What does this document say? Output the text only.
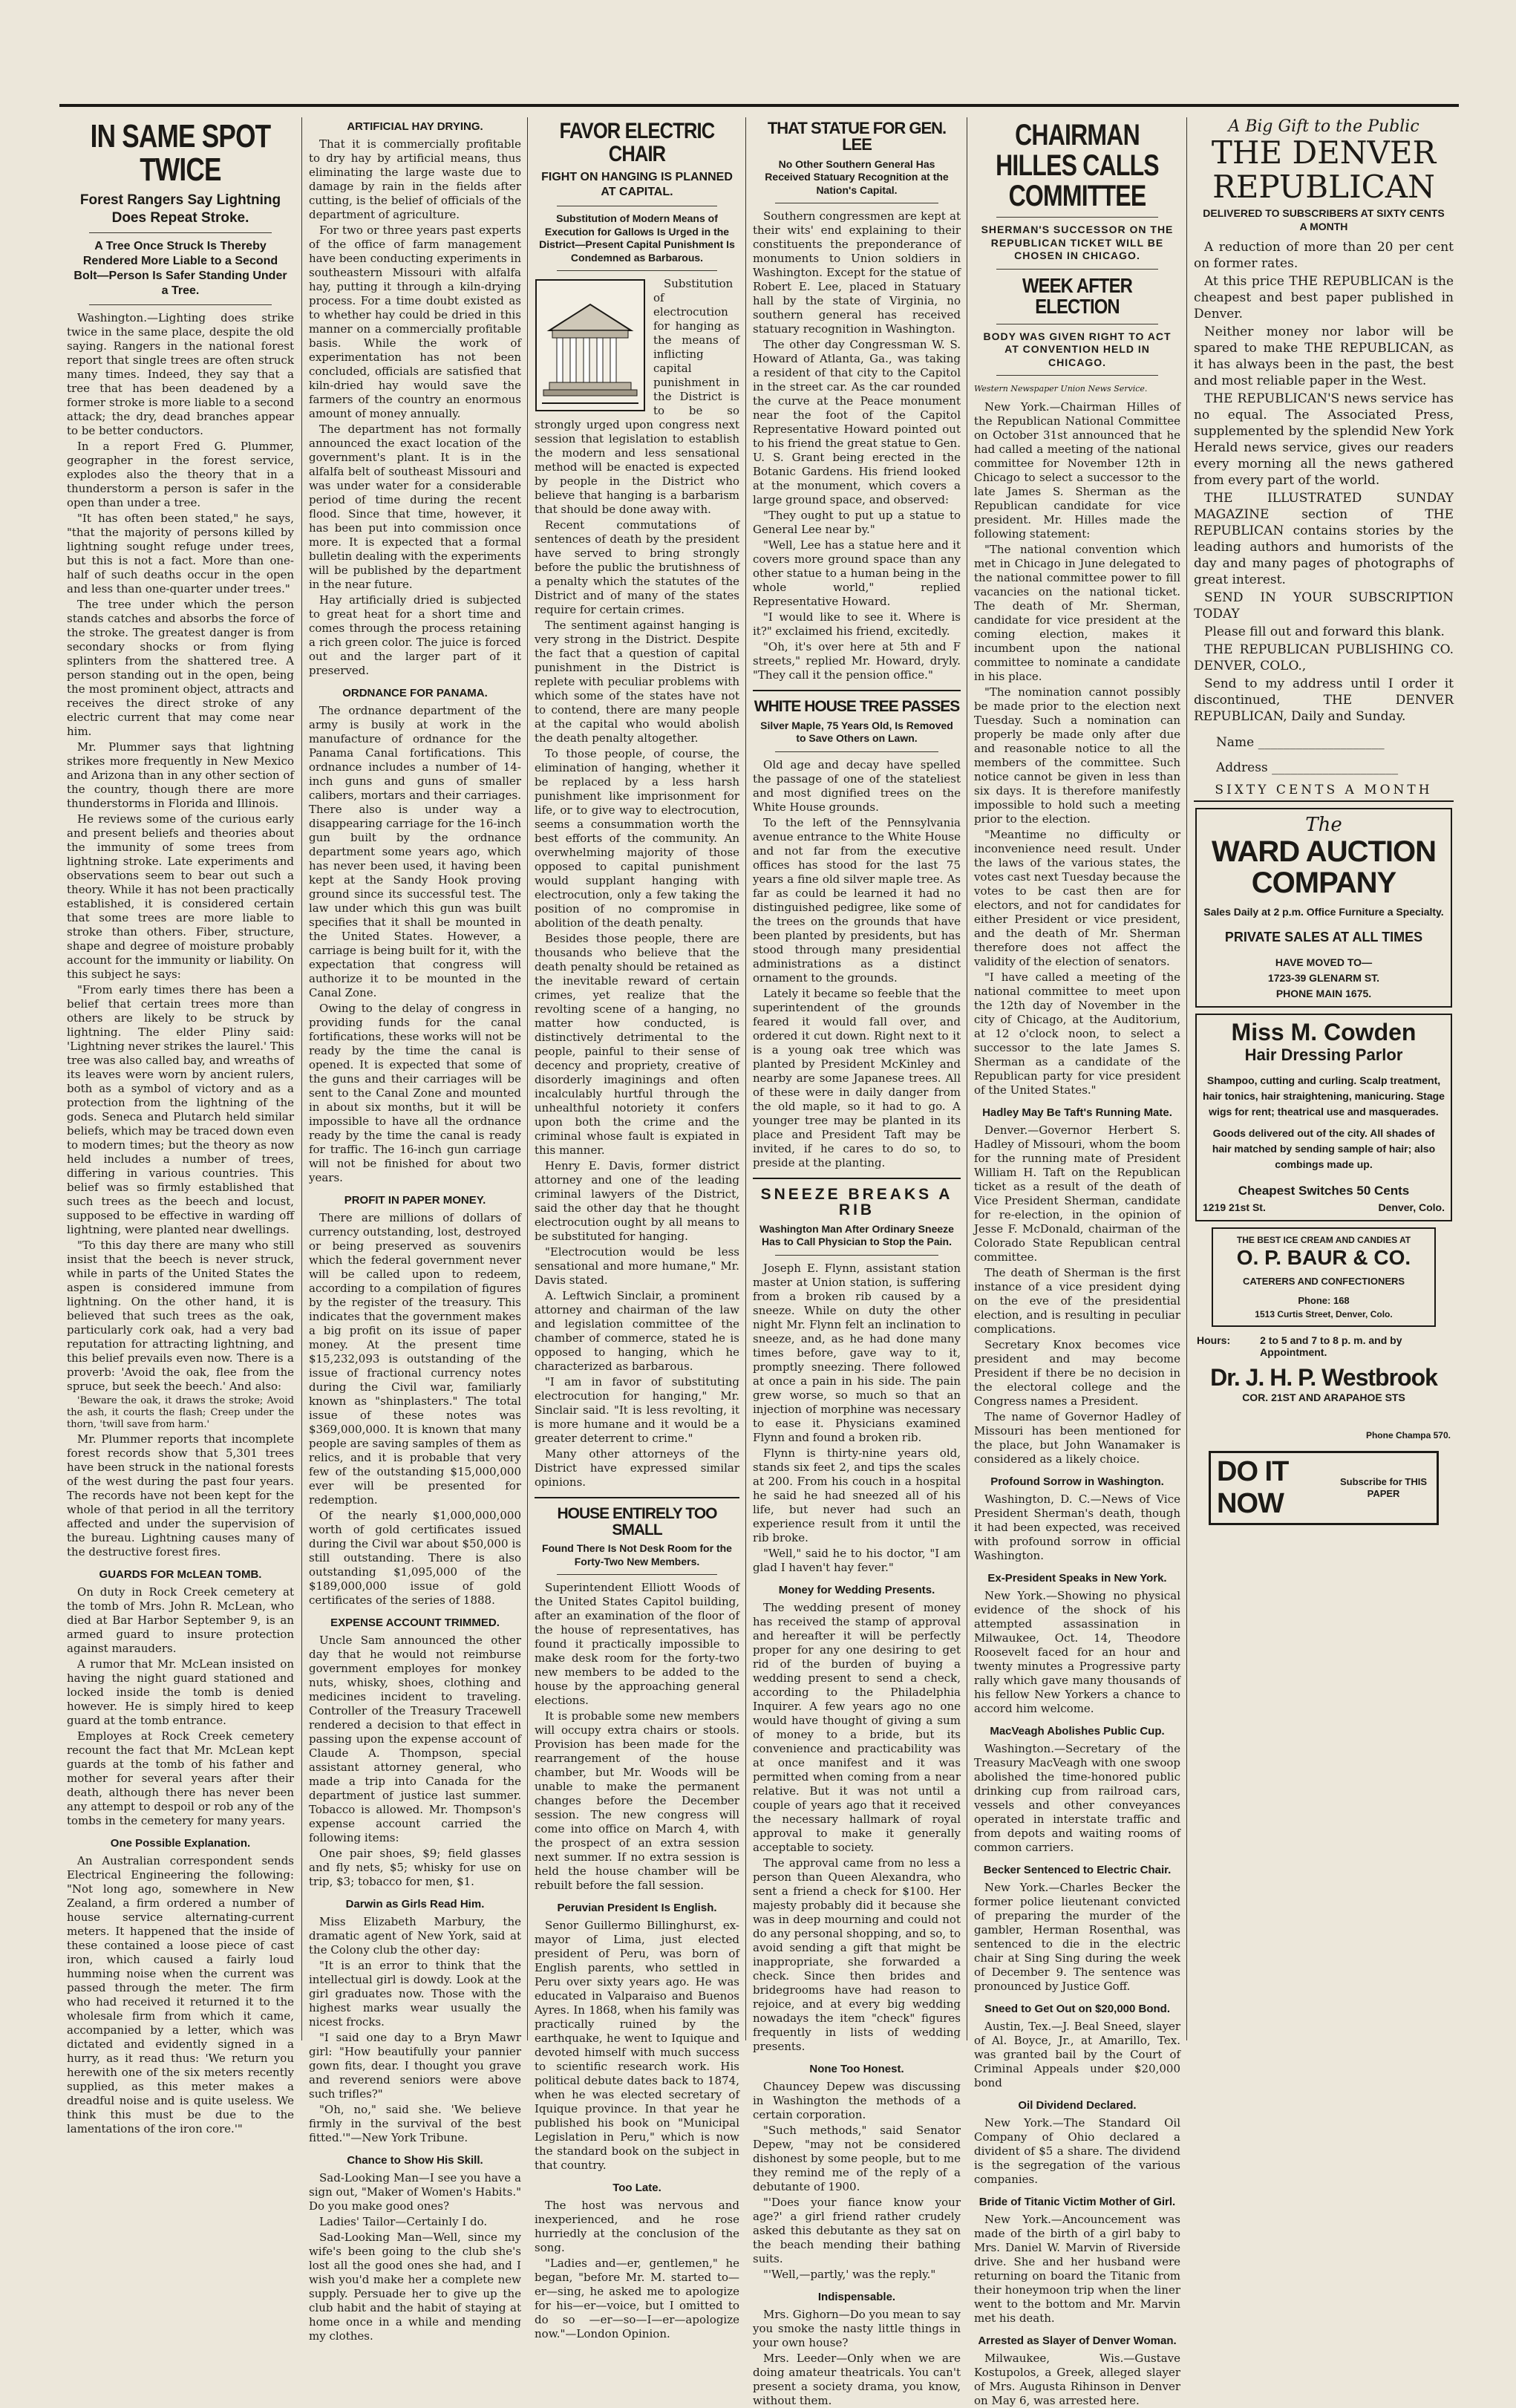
IN SAME SPOT TWICE
Forest Rangers Say Lightning Does Repeat Stroke.
A Tree Once Struck Is Thereby Rendered More Liable to a Second Bolt—Person Is Safer Standing Under a Tree.

Washington.—Lighting does strike twice in the same place, despite the old saying. Rangers in the national forest report that single trees are often struck many times. Indeed, they say that a tree that has been deadened by a former stroke is more liable to a second attack; the dry, dead branches appear to be better conductors.

In a report Fred G. Plummer, geographer in the forest service, explodes also the theory that in a thunderstorm a person is safer in the open than under a tree.

"It has often been stated," he says, "that the majority of persons killed by lightning sought refuge under trees, but this is not a fact. More than one-half of such deaths occur in the open and less than one-quarter under trees."

The tree under which the person stands catches and absorbs the force of the stroke. The greatest danger is from secondary shocks or from flying splinters from the shattered tree. A person standing out in the open, being the most prominent object, attracts and receives the direct stroke of any electric current that may come near him.

Mr. Plummer says that lightning strikes more frequently in New Mexico and Arizona than in any other section of the country, though there are more thunderstorms in Florida and Illinois.

He reviews some of the curious early and present beliefs and theories about the immunity of some trees from lightning stroke. Late experiments and observations seem to bear out such a theory. While it has not been practically established, it is considered certain that some trees are more liable to stroke than others. Fiber, structure, shape and degree of moisture probably account for the immunity or liability. On this subject he says:

"From early times there has been a belief that certain trees more than others are likely to be struck by lightning. The elder Pliny said: 'Lightning never strikes the laurel.' This tree was also called bay, and wreaths of its leaves were worn by ancient rulers, both as a symbol of victory and as a protection from the lightning of the gods. Seneca and Plutarch held similar beliefs, which may be traced down even to modern times; but the theory as now held includes a number of trees, differing in various countries. This belief was so firmly established that such trees as the beech and locust, supposed to be effective in warding off lightning, were planted near dwellings.

"To this day there are many who still insist that the beech is never struck, while in parts of the United States the aspen is considered immune from lightning. On the other hand, it is believed that such trees as the oak, particularly cork oak, had a very bad reputation for attracting lightning, and this belief prevails even now. There is a proverb: 'Avoid the oak, flee from the spruce, but seek the beech.' And also:

'Beware the oak, it draws the stroke; Avoid the ash, it courts the flash; Creep under the thorn, 'twill save from harm.'

Mr. Plummer reports that incomplete forest records show that 5,301 trees have been struck in the national forests of the west during the past four years. The records have not been kept for the whole of that period in all the territory affected and under the supervision of the bureau. Lightning causes many of the destructive forest fires.

GUARDS FOR McLEAN TOMB.

On duty in Rock Creek cemetery at the tomb of Mrs. John R. McLean, who died at Bar Harbor September 9, is an armed guard to insure protection against marauders.

A rumor that Mr. McLean insisted on having the night guard stationed and locked inside the tomb is denied however. He is simply hired to keep guard at the tomb entrance.

Employes at Rock Creek cemetery recount the fact that Mr. McLean kept guards at the tomb of his father and mother for several years after their death, although there has never been any attempt to despoil or rob any of the tombs in the cemetery for many years.

One Possible Explanation.

An Australian correspondent sends Electrical Engineering the following: "Not long ago, somewhere in New Zealand, a firm ordered a number of house service alternating-current meters. It happened that the inside of these contained a loose piece of cast iron, which caused a fairly loud humming noise when the current was passed through the meter. The firm who had received it returned it to the wholesale firm from which it came, accompanied by a letter, which was dictated and evidently signed in a hurry, as it read thus: 'We return you herewith one of the six meters recently supplied, as this meter makes a dreadful noise and is quite useless. We think this must be due to the lamentations of the iron core.'"

ARTIFICIAL HAY DRYING.

That it is commercially profitable to dry hay by artificial means, thus eliminating the large waste due to damage by rain in the fields after cutting, is the belief of officials of the department of agriculture.

For two or three years past experts of the office of farm management have been conducting experiments in southeastern Missouri with alfalfa hay, putting it through a kiln-drying process. For a time doubt existed as to whether hay could be dried in this manner on a commercially profitable basis. While the work of experimentation has not been concluded, officials are satisfied that kiln-dried hay would save the farmers of the country an enormous amount of money annually.

The department has not formally announced the exact location of the government's plant. It is in the alfalfa belt of southeast Missouri and was under water for a considerable period of time during the recent flood. Since that time, however, it has been put into commission once more. It is expected that a formal bulletin dealing with the experiments will be published by the department in the near future.

Hay artificially dried is subjected to great heat for a short time and comes through the process retaining a rich green color. The juice is forced out and the larger part of it preserved.

ORDNANCE FOR PANAMA.

The ordnance department of the army is busily at work in the manufacture of ordnance for the Panama Canal fortifications. This ordnance includes a number of 14-inch guns and guns of smaller calibers, mortars and their carriages. There also is under way a disappearing carriage for the 16-inch gun built by the ordnance department some years ago, which has never been used, it having been kept at the Sandy Hook proving ground since its successful test. The law under which this gun was built specifies that it shall be mounted in the United States. However, a carriage is being built for it, with the expectation that congress will authorize it to be mounted in the Canal Zone.

Owing to the delay of congress in providing funds for the canal fortifications, these works will not be ready by the time the canal is opened. It is expected that some of the guns and their carriages will be sent to the Canal Zone and mounted in about six months, but it will be impossible to have all the ordnance ready by the time the canal is ready for traffic. The 16-inch gun carriage will not be finished for about two years.

PROFIT IN PAPER MONEY.

There are millions of dollars of currency outstanding, lost, destroyed or being preserved as souvenirs which the federal government never will be called upon to redeem, according to a compilation of figures by the register of the treasury. This indicates that the government makes a big profit on its issue of paper money. At the present time $15,232,093 is outstanding of the issue of fractional currency notes during the Civil war, familiarly known as "shinplasters." The total issue of these notes was $369,000,000. It is known that many people are saving samples of them as relics, and it is probable that very few of the outstanding $15,000,000 ever will be presented for redemption.

Of the nearly $1,000,000,000 worth of gold certificates issued during the Civil war about $50,000 is still outstanding. There is also outstanding $1,095,000 of the $189,000,000 issue of gold certificates of the series of 1888.

EXPENSE ACCOUNT TRIMMED.

Uncle Sam announced the other day that he would not reimburse government employes for monkey nuts, whisky, shoes, clothing and medicines incident to traveling. Controller of the Treasury Tracewell rendered a decision to that effect in passing upon the expense account of Claude A. Thompson, special assistant attorney general, who made a trip into Canada for the department of justice last summer. Tobacco is allowed. Mr. Thompson's expense account carried the following items:

One pair shoes, $9; field glasses and fly nets, $5; whisky for use on trip, $3; tobacco for men, $1.

Darwin as Girls Read Him.

Miss Elizabeth Marbury, the dramatic agent of New York, said at the Colony club the other day:

"It is an error to think that the intellectual girl is dowdy. Look at the girl graduates now. Those with the highest marks wear usually the nicest frocks.

"I said one day to a Bryn Mawr girl: "How beautifully your pannier gown fits, dear. I thought you grave and reverend seniors were above such trifles?"

"Oh, no," said she. 'We believe firmly in the survival of the best fitted.'"—New York Tribune.

Chance to Show His Skill.

Sad-Looking Man—I see you have a sign out, "Maker of Women's Habits." Do you make good ones?

Ladies' Tailor—Certainly I do.

Sad-Looking Man—Well, since my wife's been going to the club she's lost all the good ones she had, and I wish you'd make her a complete new supply. Persuade her to give up the club habit and the habit of staying at home once in a while and mending my clothes.

FAVOR ELECTRIC CHAIR
FIGHT ON HANGING IS PLANNED AT CAPITAL.
Substitution of Modern Means of Execution for Gallows Is Urged in the District—Present Capital Punishment Is Condemned as Barbarous.

Substitution of electrocution for hanging as the means of inflicting capital punishment in the District is to be so strongly urged upon congress next session that legislation to establish the modern and less sensational method will be enacted is expected by people in the District who believe that hanging is a barbarism that should be done away with.

Recent commutations of sentences of death by the president have served to bring strongly before the public the brutishness of a penalty which the statutes of the District and of many of the states require for certain crimes.

The sentiment against hanging is very strong in the District. Despite the fact that a question of capital punishment in the District is replete with peculiar problems with which some of the states have not to contend, there are many people at the capital who would abolish the death penalty altogether.

To those people, of course, the elimination of hanging, whether it be replaced by a less harsh punishment like imprisonment for life, or to give way to electrocution, seems a consummation worth the best efforts of the community. An overwhelming majority of those opposed to capital punishment would supplant hanging with electrocution, only a few taking the position of no compromise in abolition of the death penalty.

Besides those people, there are thousands who believe that the death penalty should be retained as the inevitable reward of certain crimes, yet realize that the revolting scene of a hanging, no matter how conducted, is distinctively detrimental to the people, painful to their sense of decency and propriety, creative of disorderly imaginings and often incalculably hurtful through the unhealthful notoriety it confers upon both the crime and the criminal whose fault is expiated in this manner.

Henry E. Davis, former district attorney and one of the leading criminal lawyers of the District, said the other day that he thought electrocution ought by all means to be substituted for hanging.

"Electrocution would be less sensational and more humane," Mr. Davis stated.

A. Leftwich Sinclair, a prominent attorney and chairman of the law and legislation committee of the chamber of commerce, stated he is opposed to hanging, which he characterized as barbarous.

"I am in favor of substituting electrocution for hanging," Mr. Sinclair said. "It is less revolting, it is more humane and it would be a greater deterrent to crime."

Many other attorneys of the District have expressed similar opinions.

HOUSE ENTIRELY TOO SMALL
Found There Is Not Desk Room for the Forty-Two New Members.

Superintendent Elliott Woods of the United States Capitol building, after an examination of the floor of the house of representatives, has found it practically impossible to make desk room for the forty-two new members to be added to the house by the approaching general elections.

It is probable some new members will occupy extra chairs or stools. Provision has been made for the rearrangement of the house chamber, but Mr. Woods will be unable to make the permanent changes before the December session. The new congress will come into office on March 4, with the prospect of an extra session next summer. If no extra session is held the house chamber will be rebuilt before the fall session.

Peruvian President Is English.

Senor Guillermo Billinghurst, ex-mayor of Lima, just elected president of Peru, was born of English parents, who settled in Peru over sixty years ago. He was educated in Valparaiso and Buenos Ayres. In 1868, when his family was practically ruined by the earthquake, he went to Iquique and devoted himself with much success to scientific research work. His political debute dates back to 1874, when he was elected secretary of Iquique province. In that year he published his book on "Municipal Legislation in Peru," which is now the standard book on the subject in that country.

Too Late.

The host was nervous and inexperienced, and he rose hurriedly at the conclusion of the song.

"Ladies and—er, gentlemen," he began, "before Mr. M. started to—er—sing, he asked me to apologize for his—er—voice, but I omitted to do so —er—so—I—er—apologize now."—London Opinion.

THAT STATUE FOR GEN. LEE
No Other Southern General Has Received Statuary Recognition at the Nation's Capital.

Southern congressmen are kept at their wits' end explaining to their constituents the preponderance of monuments to Union soldiers in Washington. Except for the statue of Robert E. Lee, placed in Statuary hall by the state of Virginia, no southern general has received statuary recognition in Washington.

The other day Congressman W. S. Howard of Atlanta, Ga., was taking a resident of that city to the Capitol in the street car. As the car rounded the curve at the Peace monument near the foot of the Capitol Representative Howard pointed out to his friend the great statue to Gen. U. S. Grant being erected in the Botanic Gardens. His friend looked at the monument, which covers a large ground space, and observed:

"They ought to put up a statue to General Lee near by."

"Well, Lee has a statue here and it covers more ground space than any other statue to a human being in the whole world," replied Representative Howard.

"I would like to see it. Where is it?" exclaimed his friend, excitedly.

"Oh, it's over here at 5th and F streets," replied Mr. Howard, dryly. "They call it the pension office."

WHITE HOUSE TREE PASSES
Silver Maple, 75 Years Old, Is Removed to Save Others on Lawn.

Old age and decay have spelled the passage of one of the stateliest and most dignified trees on the White House grounds.

To the left of the Pennsylvania avenue entrance to the White House and not far from the executive offices has stood for the last 75 years a fine old silver maple tree. As far as could be learned it had no distinguished pedigree, like some of the trees on the grounds that have been planted by presidents, but has stood through many presidential administrations as a distinct ornament to the grounds.

Lately it became so feeble that the superintendent of the grounds feared it would fall over, and ordered it cut down. Right next to it is a young oak tree which was planted by President McKinley and nearby are some Japanese trees. All of these were in daily danger from the old maple, so it had to go. A younger tree may be planted in its place and President Taft may be invited, if he cares to do so, to preside at the planting.

SNEEZE BREAKS A RIB
Washington Man After Ordinary Sneeze Has to Call Physician to Stop the Pain.

Joseph E. Flynn, assistant station master at Union station, is suffering from a broken rib caused by a sneeze. While on duty the other night Mr. Flynn felt an inclination to sneeze, and, as he had done many times before, gave way to it, promptly sneezing. There followed at once a pain in his side. The pain grew worse, so much so that an injection of morphine was necessary to ease it. Physicians examined Flynn and found a broken rib.

Flynn is thirty-nine years old, stands six feet 2, and tips the scales at 200. From his couch in a hospital he said he had sneezed all of his life, but never had such an experience result from it until the rib broke.

"Well," said he to his doctor, "I am glad I haven't hay fever."

Money for Wedding Presents.

The wedding present of money has received the stamp of approval and hereafter it will be perfectly proper for any one desiring to get rid of the burden of buying a wedding present to send a check, according to the Philadelphia Inquirer. A few years ago no one would have thought of giving a sum of money to a bride, but its convenience and practicability was at once manifest and it was permitted when coming from a near relative. But it was not until a couple of years ago that it received the necessary hallmark of royal approval to make it generally acceptable to society.

The approval came from no less a person than Queen Alexandra, who sent a friend a check for $100. Her majesty probably did it because she was in deep mourning and could not do any personal shopping, and so, to avoid sending a gift that might be inappropriate, she forwarded a check. Since then brides and bridegrooms have had reason to rejoice, and at every big wedding nowadays the item "check" figures frequently in lists of wedding presents.

None Too Honest.

Chauncey Depew was discussing in Washington the methods of a certain corporation.

"Such methods," said Senator Depew, "may not be considered dishonest by some people, but to me they remind me of the reply of a debutante of 1900.

"'Does your fiance know your age?' a girl friend rather crudely asked this debutante as they sat on the beach mending their bathing suits.

"'Well,—partly,' was the reply."

Indispensable.

Mrs. Gighorn—Do you mean to say you smoke the nasty little things in your own house?

Mrs. Leeder—Only when we are doing amateur theatricals. You can't present a society drama, you know, without them.

CHAIRMAN HILLES CALLS COMMITTEE
SHERMAN'S SUCCESSOR ON THE REPUBLICAN TICKET WILL BE CHOSEN IN CHICAGO.
WEEK AFTER ELECTION
BODY WAS GIVEN RIGHT TO ACT AT CONVENTION HELD IN CHICAGO.

Western Newspaper Union News Service.

New York.—Chairman Hilles of the Republican National Committee on October 31st announced that he had called a meeting of the national committee for November 12th in Chicago to select a successor to the late James S. Sherman as the Republican candidate for vice president. Mr. Hilles made the following statement:

"The national convention which met in Chicago in June delegated to the national committee power to fill vacancies on the national ticket. The death of Mr. Sherman, candidate for vice president at the coming election, makes it incumbent upon the national committee to nominate a candidate in his place.

"The nomination cannot possibly be made prior to the election next Tuesday. Such a nomination can properly be made only after due and reasonable notice to all the members of the committee. Such notice cannot be given in less than six days. It is therefore manifestly impossible to hold such a meeting prior to the election.

"Meantime no difficulty or inconvenience need result. Under the laws of the various states, the votes cast next Tuesday because the votes to be cast then are for electors, and not for candidates for either President or vice president, and the death of Mr. Sherman therefore does not affect the validity of the election of senators.

"I have called a meeting of the national committee to meet upon the 12th day of November in the city of Chicago, at the Auditorium, at 12 o'clock noon, to select a successor to the late James S. Sherman as a candidate of the Republican party for vice president of the United States."

Hadley May Be Taft's Running Mate.

Denver.—Governor Herbert S. Hadley of Missouri, whom the boom for the running mate of President William H. Taft on the Republican ticket as a result of the death of Vice President Sherman, candidate for re-election, in the opinion of Jesse F. McDonald, chairman of the Colorado State Republican central committee.

The death of Sherman is the first instance of a vice president dying on the eve of the presidential election, and is resulting in peculiar complications.

Secretary Knox becomes vice president and may become President if there be no decision in the electoral college and the Congress names a President.

The name of Governor Hadley of Missouri has been mentioned for the place, but John Wanamaker is considered as a likely choice.

Profound Sorrow in Washington.

Washington, D. C.—News of Vice President Sherman's death, though it had been expected, was received with profound sorrow in official Washington.

Ex-President Speaks in New York.

New York.—Showing no physical evidence of the shock of his attempted assassination in Milwaukee, Oct. 14, Theodore Roosevelt faced for an hour and twenty minutes a Progressive party rally which gave many thousands of his fellow New Yorkers a chance to accord him welcome.

MacVeagh Abolishes Public Cup.

Washington.—Secretary of the Treasury MacVeagh with one swoop abolished the time-honored public drinking cup from railroad cars, vessels and other conveyances operated in interstate traffic and from depots and waiting rooms of common carriers.

Becker Sentenced to Electric Chair.

New York.—Charles Becker the former police lieutenant convicted of preparing the murder of the gambler, Herman Rosenthal, was sentenced to die in the electric chair at Sing Sing during the week of December 9. The sentence was pronounced by Justice Goff.

Sneed to Get Out on $20,000 Bond.

Austin, Tex.—J. Beal Sneed, slayer of Al. Boyce, Jr., at Amarillo, Tex. was granted bail by the Court of Criminal Appeals under $20,000 bond

Oil Dividend Declared.

New York.—The Standard Oil Company of Ohio declared a divident of $5 a share. The dividend is the segregation of the various companies.

Bride of Titanic Victim Mother of Girl.

New York.—Ancouncement was made of the birth of a girl baby to Mrs. Daniel W. Marvin of Riverside drive. She and her husband were returning on board the Titanic from their honeymoon trip when the liner went to the bottom and Mr. Marvin met his death.

Arrested as Slayer of Denver Woman.

Milwaukee, Wis.—Gustave Kostupolos, a Greek, alleged slayer of Mrs. Augusta Rihinson in Denver on May 6, was arrested here.

A Big Gift to the Public
THE DENVER
REPUBLICAN
DELIVERED TO SUBSCRIBERS AT SIXTY CENTS A MONTH

A reduction of more than 20 per cent on former rates.

At this price THE REPUBLICAN is the cheapest and best paper published in Denver.

Neither money nor labor will be spared to make THE REPUBLICAN, as it has always been in the past, the best and most reliable paper in the West.

THE REPUBLICAN'S news service has no equal. The Associated Press, supplemented by the splendid New York Herald news service, gives our readers every morning all the news gathered from every part of the world.

THE ILLUSTRATED SUNDAY MAGAZINE section of THE REPUBLICAN contains stories by the leading authors and humorists of the day and many pages of photographs of great interest.

SEND IN YOUR SUBSCRIPTION TODAY

Please fill out and forward this blank.

THE REPUBLICAN PUBLISHING CO. DENVER, COLO.,

Send to my address until I order it discontinued, THE DENVER REPUBLICAN, Daily and Sunday.

Name ____________________
Address ____________________
SIXTY CENTS A MONTH
The
WARD AUCTION COMPANY
Sales Daily at 2 p.m. Office Furniture a Specialty.
PRIVATE SALES AT ALL TIMES
HAVE MOVED TO—
1723-39 GLENARM ST.
PHONE MAIN 1675.
Miss M. Cowden
Hair Dressing Parlor
Shampoo, cutting and curling. Scalp treatment, hair tonics, hair straightening, manicuring. Stage wigs for rent; theatrical use and masquerades.
Goods delivered out of the city. All shades of hair matched by sending sample of hair; also combings made up.
Cheapest Switches 50 Cents
1219 21st St.	Denver, Colo.
THE BEST ICE CREAM AND CANDIES AT
O. P. BAUR & CO.
CATERERS AND CONFECTIONERS
Phone: 168
1513 Curtis Street, Denver, Colo.
Hours:	2 to 5 and 7 to 8 p. m. and by Appointment.
Dr. J. H. P. Westbrook
COR. 21ST AND ARAPAHOE STS
Phone Champa 570.
DO IT NOW
Subscribe for THIS PAPER
